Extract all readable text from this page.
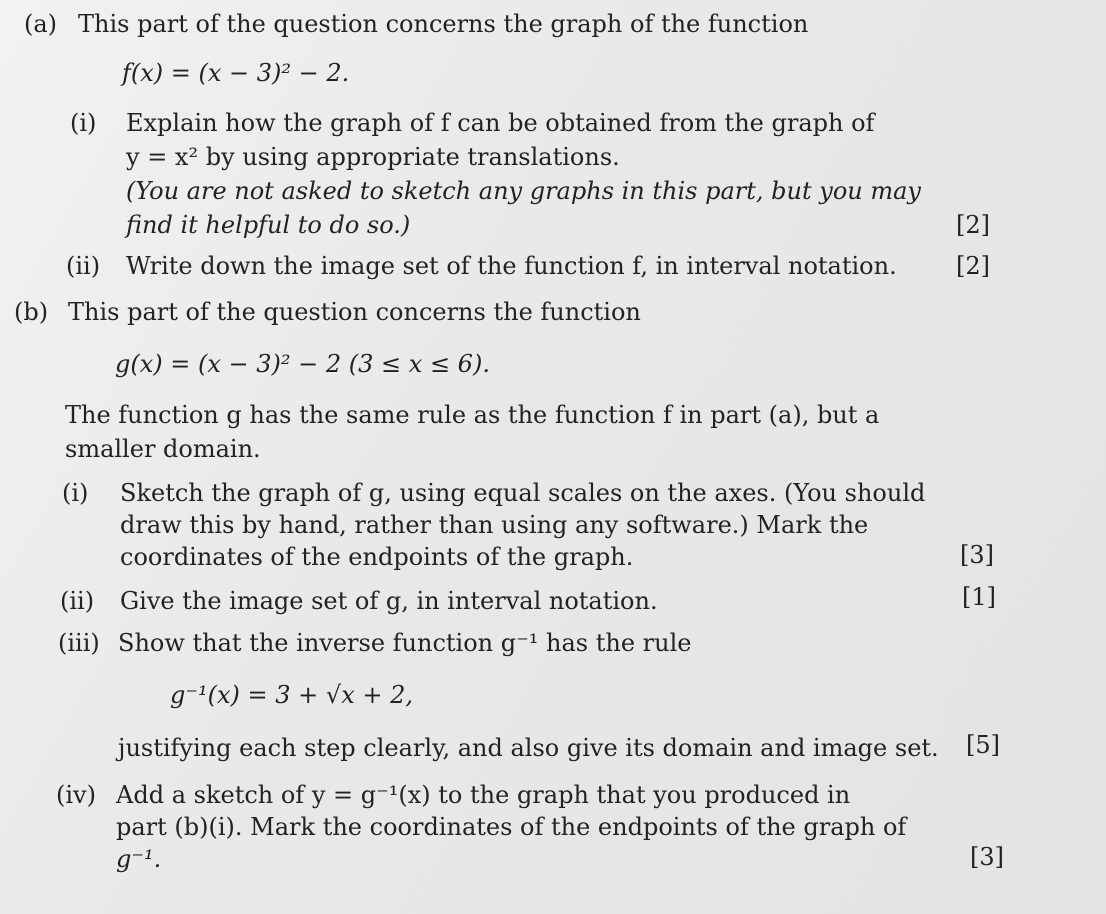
(a) This part of the question concerns the graph of the function
f(x) = (x − 3)² − 2.
(i) Explain how the graph of f can be obtained from the graph of
y = x² by using appropriate translations.
(You are not asked to sketch any graphs in this part, but you may
find it helpful to do so.)	[2]
(ii) Write down the image set of the function f, in interval notation. [2]
(b) This part of the question concerns the function
g(x) = (x − 3)² − 2 (3 ≤ x ≤ 6).
The function g has the same rule as the function f in part (a), but a
smaller domain.
(i) Sketch the graph of g, using equal scales on the axes. (You should
draw this by hand, rather than using any software.) Mark the
coordinates of the endpoints of the graph.	[3]
(ii) Give the image set of g, in interval notation.	[1]
(iii) Show that the inverse function g⁻¹ has the rule
g⁻¹(x) = 3 + √x + 2,
justifying each step clearly, and also give its domain and image set. [5]
(iv) Add a sketch of y = g⁻¹(x) to the graph that you produced in
part (b)(i). Mark the coordinates of the endpoints of the graph of
g⁻¹.	[3]
